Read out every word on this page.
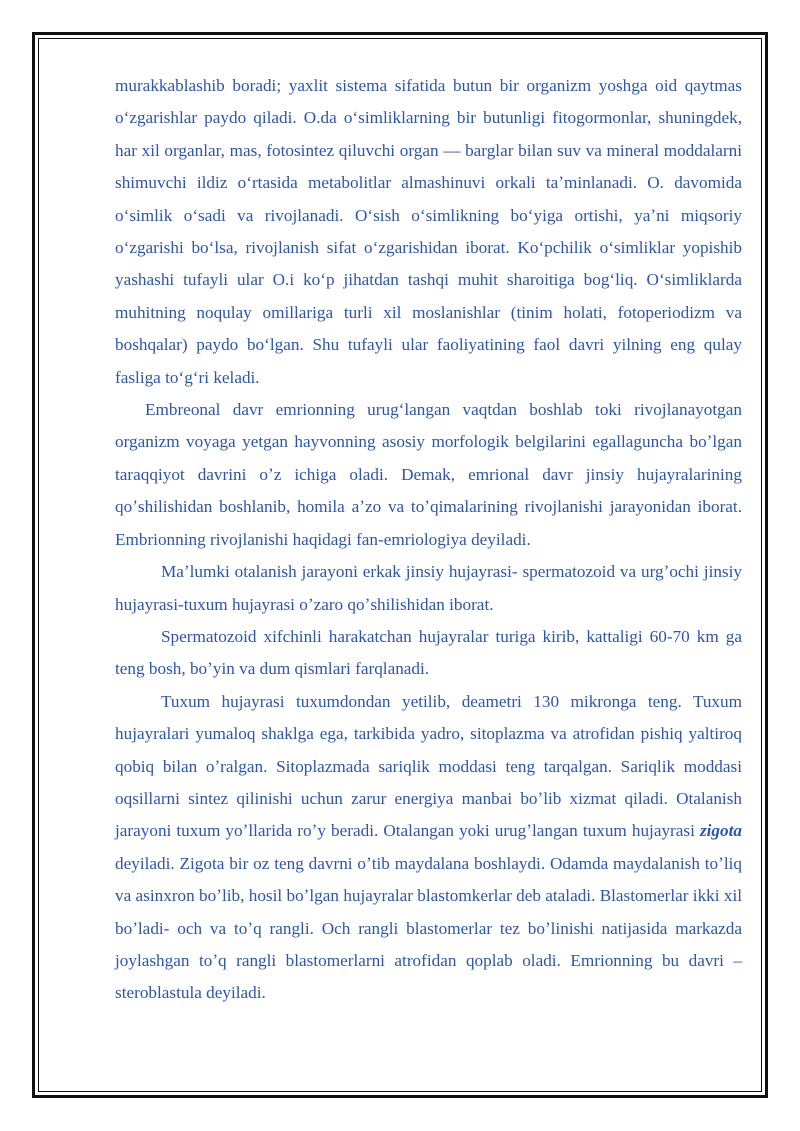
murakkablashib boradi; yaxlit sistema sifatida butun bir organizm yoshga oid qaytmas oʻzgarishlar paydo qiladi. O.da oʻsimliklarning bir butunligi fitogormonlar, shuningdek, har xil organlar, mas, fotosintez qiluvchi organ — barglar bilan suv va mineral moddalarni shimuvchi ildiz oʻrtasida metabolitlar almashinuvi orkali taʼminlanadi. O. davomida oʻsimlik oʻsadi va rivojlanadi. Oʻsish oʻsimlikning boʻyiga ortishi, yaʼni miqsoriy oʻzgarishi boʻlsa, rivojlanish sifat oʻzgarishidan iborat. Koʻpchilik oʻsimliklar yopishib yashashi tufayli ular O.i koʻp jihatdan tashqi muhit sharoitiga bogʻliq. Oʻsimliklarda muhitning noqulay omillariga turli xil moslanishlar (tinim holati, fotoperiodizm va boshqalar) paydo boʻlgan. Shu tufayli ular faoliyatining faol davri yilning eng qulay fasliga toʻgʻri keladi.

Embreonal davr emrionning urugʻlangan vaqtdan boshlab toki rivojlanayotgan organizm voyaga yetgan hayvonning asosiy morfologik belgilarini egallaguncha boʼlgan taraqqiyot davrini oʼz ichiga oladi. Demak, emrional davr jinsiy hujayralarining qoʼshilishidan boshlanib, homila aʼzo va toʼqimalarining rivojlanishi jarayonidan iborat. Embrionning rivojlanishi haqidagi fan-emriologiya deyiladi.

Maʼlumki otalanish jarayoni erkak jinsiy hujayrasi- spermatozoid va urgʼochi jinsiy hujayrasi-tuxum hujayrasi oʼzaro qoʼshilishidan iborat.

Spermatozoid xifchinli harakatchan hujayralar turiga kirib, kattaligi 60-70 km ga teng bosh, boʼyin va dum qismlari farqlanadi.

Tuxum hujayrasi tuxumdondan yetilib, deametri 130 mikronga teng. Tuxum hujayralari yumaloq shaklga ega, tarkibida yadro, sitoplazma va atrofidan pishiq yaltiroq qobiq bilan oʼralgan. Sitoplazmada sariqlik moddasi teng tarqalgan. Sariqlik moddasi oqsillarni sintez qilinishi uchun zarur energiya manbai boʼlib xizmat qiladi. Otalanish jarayoni tuxum yoʼllarida roʼy beradi. Otalangan yoki urugʼlangan tuxum hujayrasi zigota deyiladi. Zigota bir oz teng davrni oʼtib maydalana boshlaydi. Odamda maydalanish toʼliq va asinxron boʼlib, hosil boʼlgan hujayralar blastomkerlar deb ataladi. Blastomerlar ikki xil boʼladi- och va toʼq rangli. Och rangli blastomerlar tez boʼlinishi natijasida markazda joylashgan toʼq rangli blastomerlarni atrofidan qoplab oladi. Emrionning bu davri –steroblastula deyiladi.
